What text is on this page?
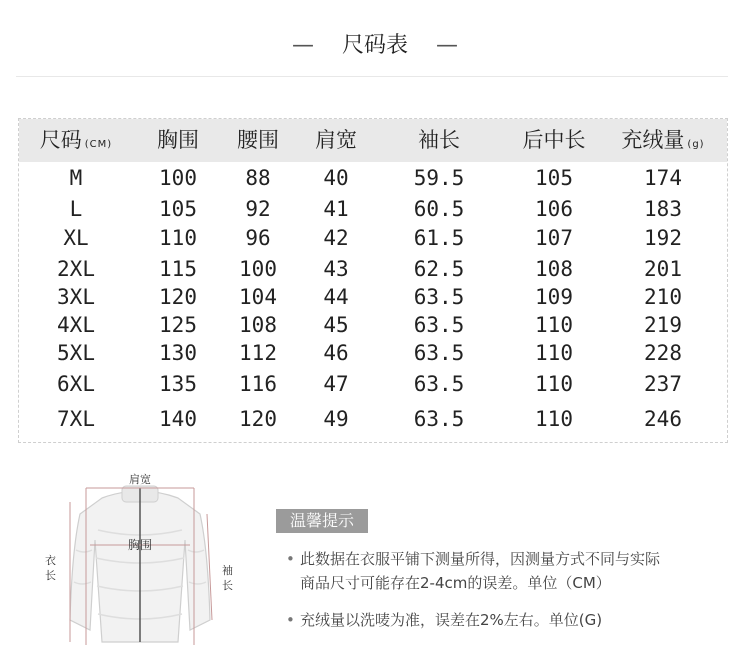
— 尺码表 —
尺码 (CM)	胸围	腰围	肩宽	袖长	后中长	充绒量 (g)
M	100	88	40	59.5	105	174
L	105	92	41	60.5	106	183
XL	110	96	42	61.5	107	192
2XL	115	100	43	62.5	108	201
3XL	120	104	44	63.5	109	210
4XL	125	108	45	63.5	110	219
5XL	130	112	46	63.5	110	228
6XL	135	116	47	63.5	110	237
7XL	140	120	49	63.5	110	246
肩宽
胸围
衣
长	袖
长
温馨提示
• 此数据在衣服平铺下测量所得，因测量方式不同与实际
商品尺寸可能存在2-4cm的误差。单位（CM）
• 充绒量以洗唛为准，误差在2%左右。单位(G)
